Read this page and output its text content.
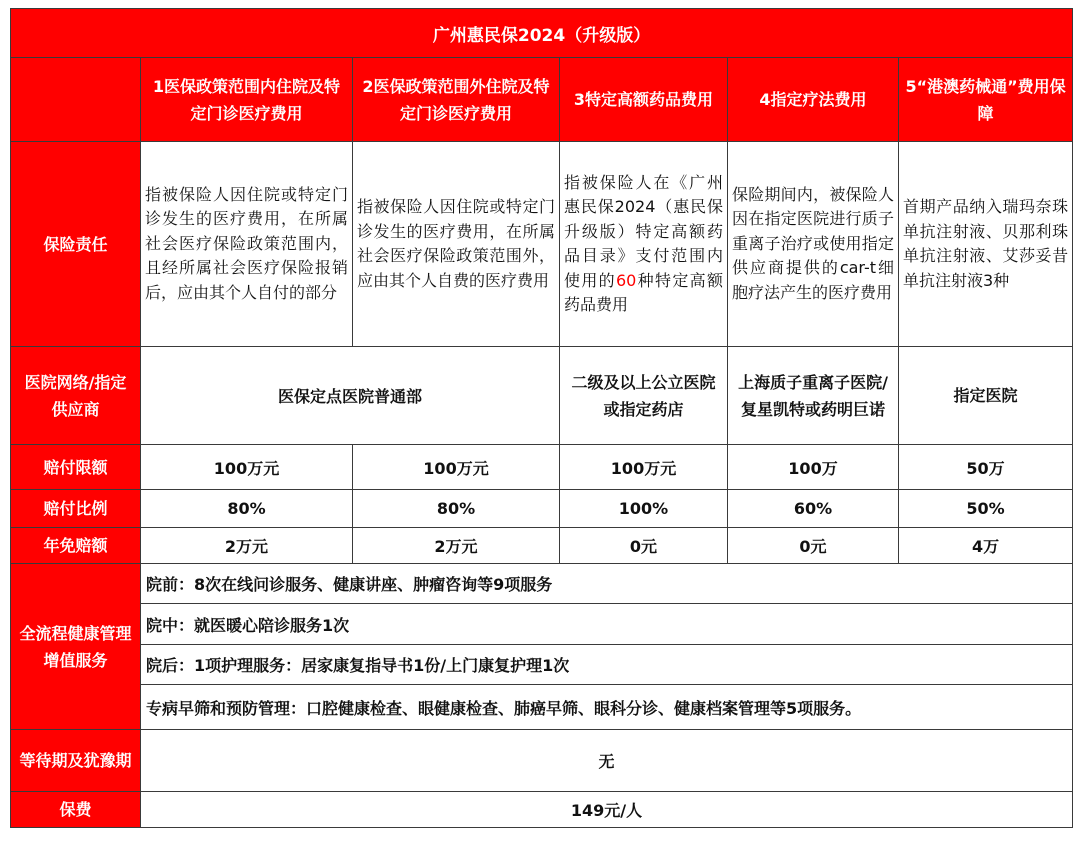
广州惠民保2024（升级版）					
	1医保政策范围内住院及特定门诊医疗费用	2医保政策范围外住院及特定门诊医疗费用	3特定高额药品费用	4指定疗法费用	5“港澳药械通”费用保障
保险责任	指被保险人因住院或特定门诊发生的医疗费用，在所属社会医疗保险政策范围内，且经所属社会医疗保险报销后，应由其个人自付的部分	指被保险人因住院或特定门诊发生的医疗费用，在所属社会医疗保险政策范围外，应由其个人自费的医疗费用	指被保险人在《广州惠民保2024（惠民保升级版）特定高额药品目录》支付范围内使用的60种特定高额药品费用	保险期间内，被保险人因在指定医院进行质子重离子治疗或使用指定供应商提供的car-t细胞疗法产生的医疗费用	首期产品纳入瑞玛奈珠单抗注射液、贝那利珠单抗注射液、艾莎妥昔单抗注射液3种
医院网络/指定供应商	医保定点医院普通部		二级及以上公立医院或指定药店	上海质子重离子医院/复星凯特或药明巨诺	指定医院
赔付限额	100万元	100万元	100万元	100万	50万
赔付比例	80%	80%	100%	60%	50%
年免赔额	2万元	2万元	0元	0元	4万
全流程健康管理增值服务	院前：8次在线问诊服务、健康讲座、肿瘤咨询等9项服务				
	院中：就医暖心陪诊服务1次				
	院后：1项护理服务：居家康复指导书1份/上门康复护理1次				
	专病早筛和预防管理：口腔健康检查、眼健康检查、肺癌早筛、眼科分诊、健康档案管理等5项服务。				
等待期及犹豫期	无				
保费	149元/人				
